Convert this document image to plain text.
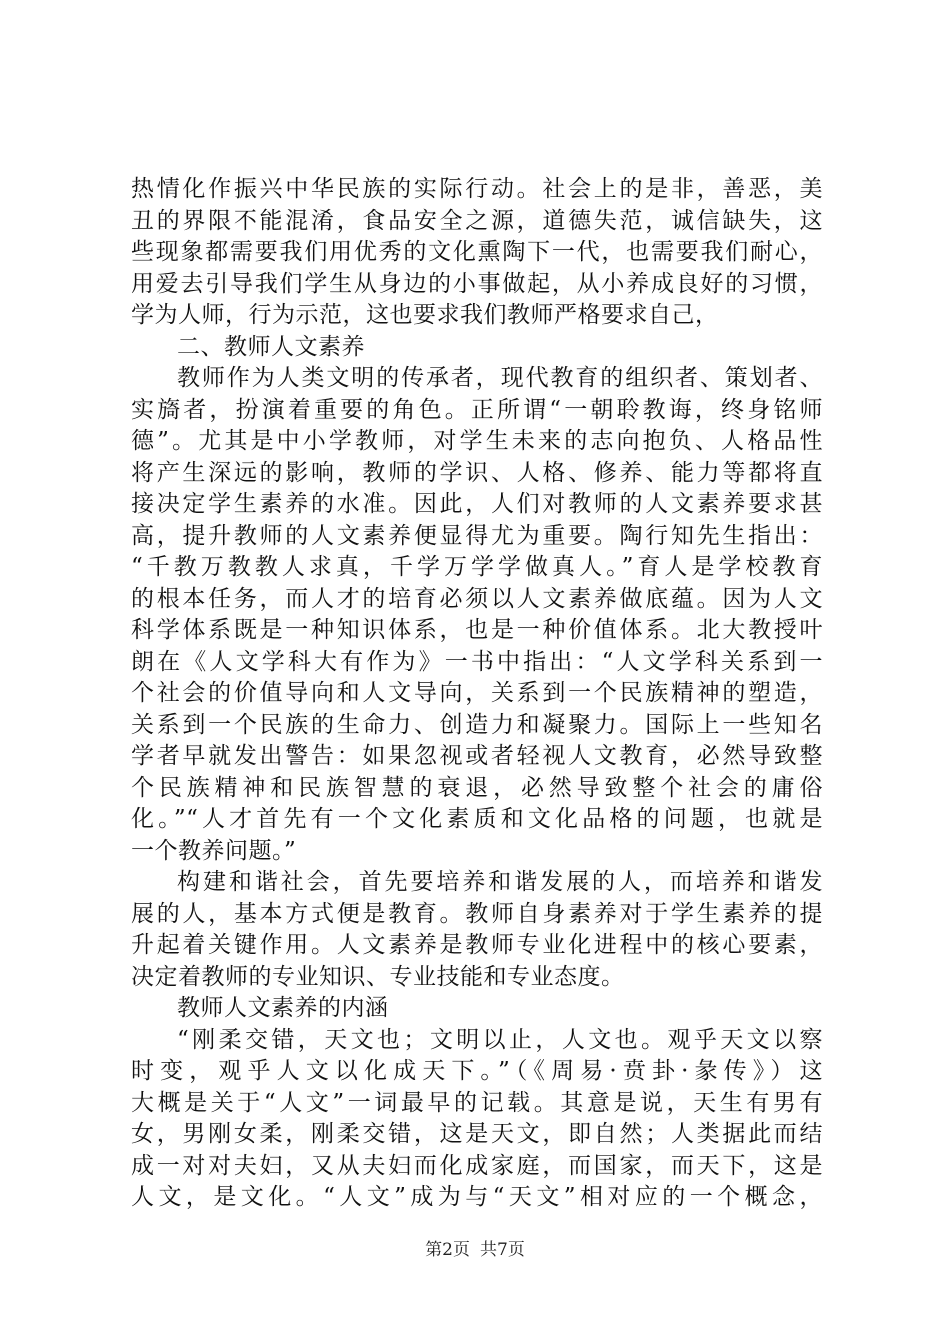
热情化作振兴中华民族的实际行动。社会上的是非，善恶，美
丑的界限不能混淆，食品安全之源，道德失范，诚信缺失，这
些现象都需要我们用优秀的文化熏陶下一代，也需要我们耐心，
用爱去引导我们学生从身边的小事做起，从小养成良好的习惯，
学为人师，行为示范，这也要求我们教师严格要求自己，
二、教师人文素养
教师作为人类文明的传承者，现代教育的组织者、策划者、
实旖者，扮演着重要的角色。正所谓“一朝聆教诲，终身铭师
德”。尤其是中小学教师，对学生未来的志向抱负、人格品性
将产生深远的影响，教师的学识、人格、修养、能力等都将直
接决定学生素养的水准。因此，人们对教师的人文素养要求甚
高，提升教师的人文素养便显得尤为重要。陶行知先生指出：
“千教万教教人求真，千学万学学做真人。”育人是学校教育
的根本任务，而人才的培育必须以人文素养做底蕴。因为人文
科学体系既是一种知识体系，也是一种价值体系。北大教授叶
朗在《人文学科大有作为》一书中指出：“人文学科关系到一
个社会的价值导向和人文导向，关系到一个民族精神的塑造，
关系到一个民族的生命力、创造力和凝聚力。国际上一些知名
学者早就发出警告：如果忽视或者轻视人文教育，必然导致整
个民族精神和民族智慧的衰退，必然导致整个社会的庸俗
化。”“人才首先有一个文化素质和文化品格的问题，也就是
一个教养问题。”
构建和谐社会，首先要培养和谐发展的人，而培养和谐发
展的人，基本方式便是教育。教师自身素养对于学生素养的提
升起着关键作用。人文素养是教师专业化进程中的核心要素，
决定着教师的专业知识、专业技能和专业态度。
教师人文素养的内涵
“刚柔交错，天文也；文明以止，人文也。观乎天文以察
时变，观乎人文以化成天下。”（《周易·贲卦·彖传》）这
大概是关于“人文”一词最早的记载。其意是说，天生有男有
女，男刚女柔，刚柔交错，这是天文，即自然；人类据此而结
成一对对夫妇，又从夫妇而化成家庭，而国家，而天下，这是
人文，是文化。“人文”成为与“天文”相对应的一个概念，
第2页 共7页
